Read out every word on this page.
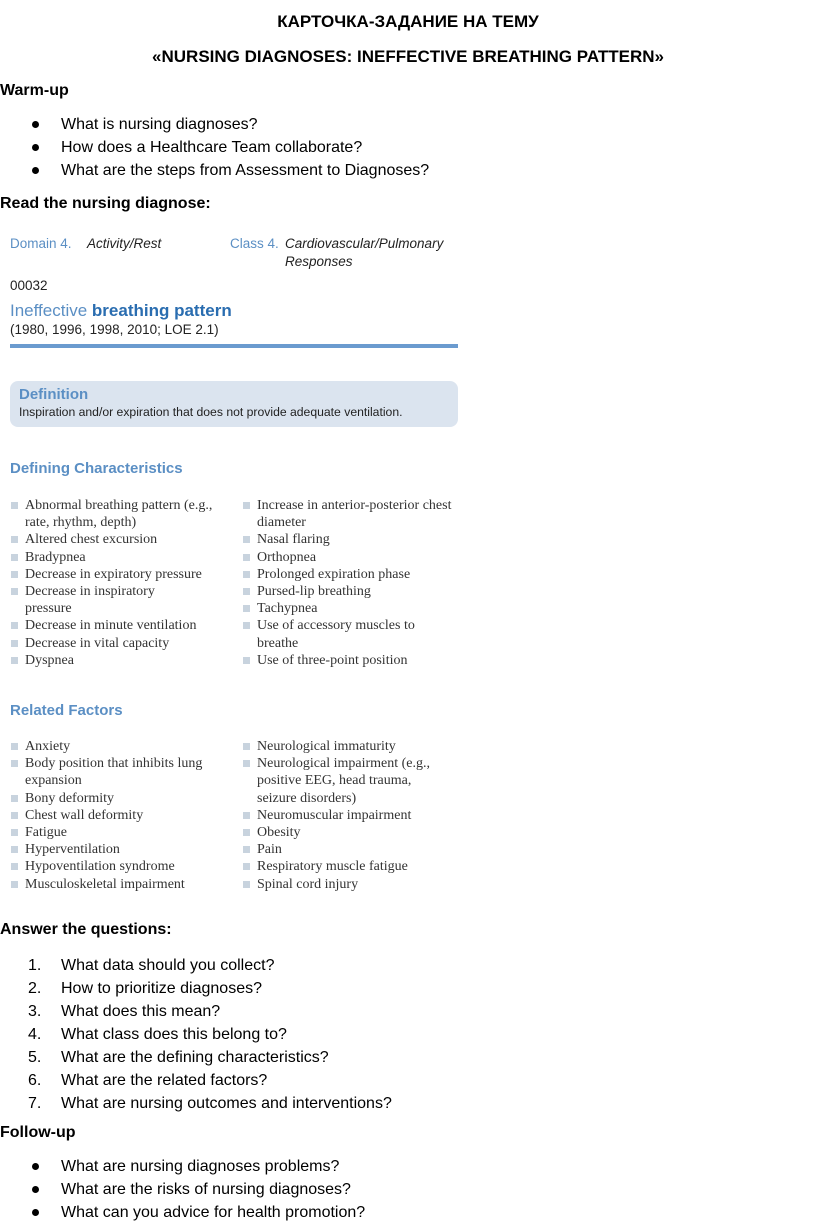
КАРТОЧКА-ЗАДАНИЕ НА ТЕМУ
«NURSING DIAGNOSES: INEFFECTIVE BREATHING PATTERN»
Warm-up
What is nursing diagnoses?
How does a Healthcare Team collaborate?
What are the steps from Assessment to Diagnoses?
Read the nursing diagnose:
Domain 4. Activity/Rest	Class 4. Cardiovascular/Pulmonary
Responses
00032
Ineffective breathing pattern
(1980, 1996, 1998, 2010; LOE 2.1)
Definition
Inspiration and/or expiration that does not provide adequate ventilation.
Defining Characteristics
Abnormal breathing pattern (e.g., rate, rhythm, depth)
Altered chest excursion
Bradypnea
Decrease in expiratory pressure
Decrease in inspiratory pressure
Decrease in minute ventilation
Decrease in vital capacity
Dyspnea
Increase in anterior-posterior chest diameter
Nasal flaring
Orthopnea
Prolonged expiration phase
Pursed-lip breathing
Tachypnea
Use of accessory muscles to breathe
Use of three-point position
Related Factors
Anxiety
Body position that inhibits lung expansion
Bony deformity
Chest wall deformity
Fatigue
Hyperventilation
Hypoventilation syndrome
Musculoskeletal impairment
Neurological immaturity
Neurological impairment (e.g., positive EEG, head trauma, seizure disorders)
Neuromuscular impairment
Obesity
Pain
Respiratory muscle fatigue
Spinal cord injury
Answer the questions:
1.	What data should you collect?
2.	How to prioritize diagnoses?
3.	What does this mean?
4.	What class does this belong to?
5.	What are the defining characteristics?
6.	What are the related factors?
7.	What are nursing outcomes and interventions?
Follow-up
What are nursing diagnoses problems?
What are the risks of nursing diagnoses?
What can you advice for health promotion?
